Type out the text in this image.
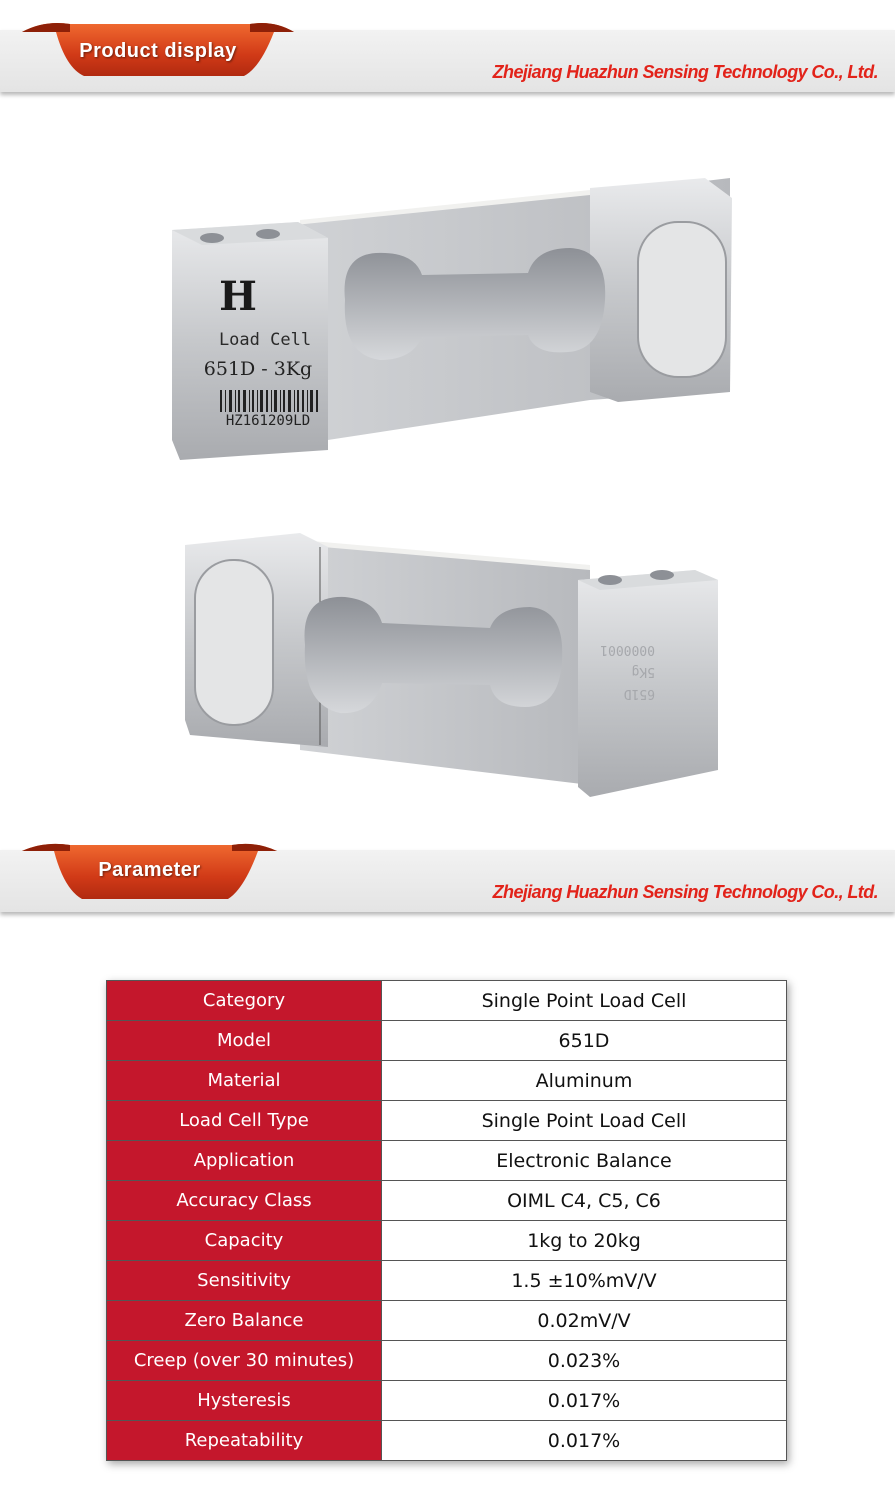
Product display
Zhejiang Huazhun Sensing Technology Co., Ltd.
H
Load Cell
651D - 3Kg
HZ161209LD
651D
5Kg
0000001
Parameter
Zhejiang Huazhun Sensing Technology Co., Ltd.
Category	Single Point Load Cell
Model	651D
Material	Aluminum
Load Cell Type	Single Point Load Cell
Application	Electronic Balance
Accuracy Class	OIML C4, C5, C6
Capacity	1kg to 20kg
Sensitivity	1.5 ±10%mV/V
Zero Balance	0.02mV/V
Creep (over 30 minutes)	0.023%
Hysteresis	0.017%
Repeatability	0.017%
